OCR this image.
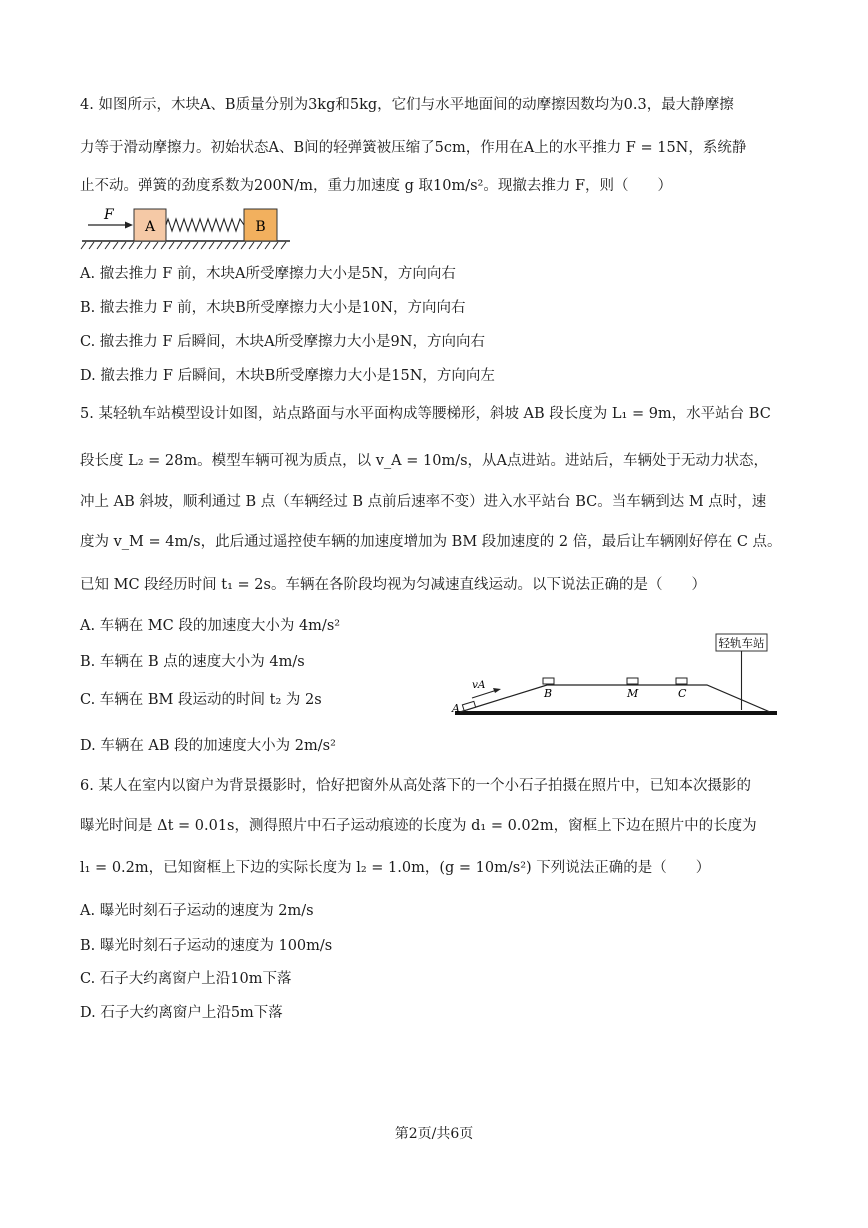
4. 如图所示，木块A、B质量分别为3kg和5kg，它们与水平地面间的动摩擦因数均为0.3，最大静摩擦
力等于滑动摩擦力。初始状态A、B间的轻弹簧被压缩了5cm，作用在A上的水平推力 F = 15N，系统静
止不动。弹簧的劲度系数为200N/m，重力加速度 g 取10m/s²。现撤去推力 F，则（　　）
F
A	B
A. 撤去推力 F 前，木块A所受摩擦力大小是5N，方向向右
B. 撤去推力 F 前，木块B所受摩擦力大小是10N，方向向右
C. 撤去推力 F 后瞬间，木块A所受摩擦力大小是9N，方向向右
D. 撤去推力 F 后瞬间，木块B所受摩擦力大小是15N，方向向左
5. 某轻轨车站模型设计如图，站点路面与水平面构成等腰梯形，斜坡 AB 段长度为 L₁ = 9m，水平站台 BC
段长度 L₂ = 28m。模型车辆可视为质点，以 v_A = 10m/s，从A点进站。进站后，车辆处于无动力状态，
冲上 AB 斜坡，顺利通过 B 点（车辆经过 B 点前后速率不变）进入水平站台 BC。当车辆到达 M 点时，速
度为 v_M = 4m/s，此后通过遥控使车辆的加速度增加为 BM 段加速度的 2 倍，最后让车辆刚好停在 C 点。
已知 MC 段经历时间 t₁ = 2s。车辆在各阶段均视为匀减速直线运动。以下说法正确的是（　　）
A. 车辆在 MC 段的加速度大小为 4m/s²
B. 车辆在 B 点的速度大小为 4m/s
C. 车辆在 BM 段运动的时间 t₂ 为 2s
D. 车辆在 AB 段的加速度大小为 2m/s²
轻轨车站
A
vA
B	M	C
6. 某人在室内以窗户为背景摄影时，恰好把窗外从高处落下的一个小石子拍摄在照片中，已知本次摄影的
曝光时间是 Δt = 0.01s，测得照片中石子运动痕迹的长度为 d₁ = 0.02m，窗框上下边在照片中的长度为
l₁ = 0.2m，已知窗框上下边的实际长度为 l₂ = 1.0m，(g = 10m/s²) 下列说法正确的是（　　）
A. 曝光时刻石子运动的速度为 2m/s
B. 曝光时刻石子运动的速度为 100m/s
C. 石子大约离窗户上沿10m下落
D. 石子大约离窗户上沿5m下落
第2页/共6页
